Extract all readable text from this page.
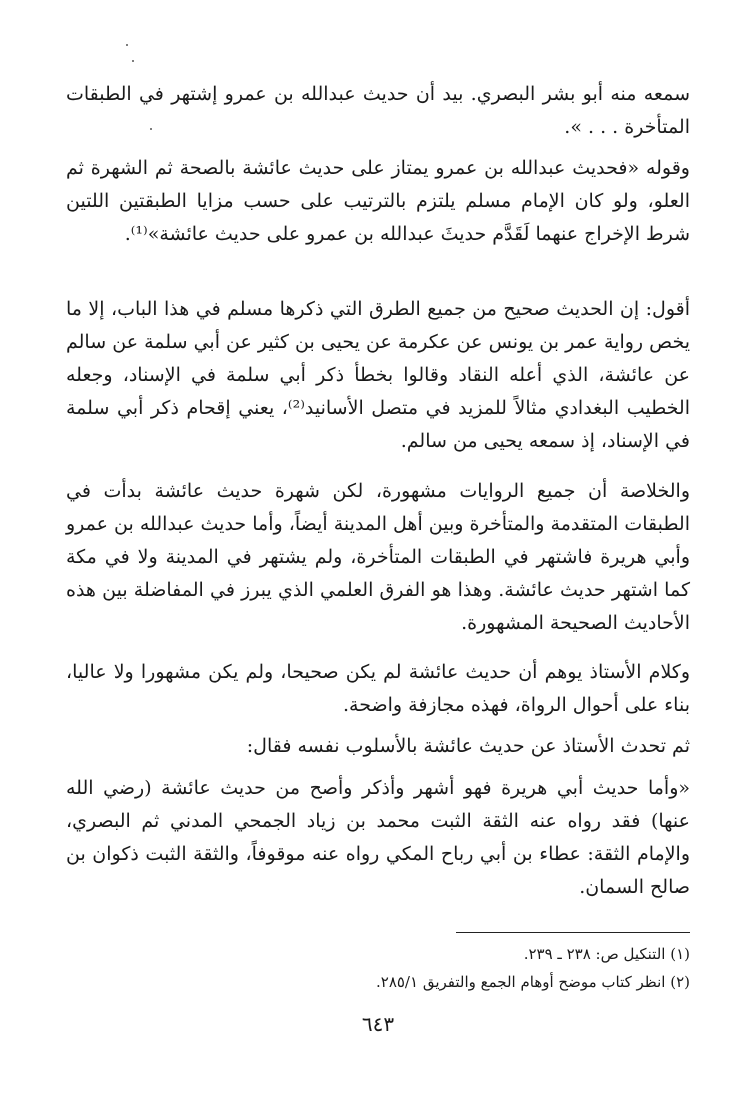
سمعه منه أبو بشر البصري. بيد أن حديث عبدالله بن عمرو إشتهر في الطبقات المتأخرة . . . ».

وقوله «فحديث عبدالله بن عمرو يمتاز على حديث عائشة بالصحة ثم الشهرة ثم العلو، ولو كان الإمام مسلم يلتزم بالترتيب على حسب مزايا الطبقتين اللتين شرط الإخراج عنهما لَقَدَّم حديثَ عبدالله بن عمرو على حديث عائشة»⁽¹⁾.

أقول: إن الحديث صحيح من جميع الطرق التي ذكرها مسلم في هذا الباب، إلا ما يخص رواية عمر بن يونس عن عكرمة عن يحيى بن كثير عن أبي سلمة عن سالم عن عائشة، الذي أعله النقاد وقالوا بخطأ ذكر أبي سلمة في الإسناد، وجعله الخطيب البغدادي مثالاً للمزيد في متصل الأسانيد⁽²⁾، يعني إقحام ذكر أبي سلمة في الإسناد، إذ سمعه يحيى من سالم.

والخلاصة أن جميع الروايات مشهورة، لكن شهرة حديث عائشة بدأت في الطبقات المتقدمة والمتأخرة وبين أهل المدينة أيضاً، وأما حديث عبدالله بن عمرو وأبي هريرة فاشتهر في الطبقات المتأخرة، ولم يشتهر في المدينة ولا في مكة كما اشتهر حديث عائشة. وهذا هو الفرق العلمي الذي يبرز في المفاضلة بين هذه الأحاديث الصحيحة المشهورة.

وكلام الأستاذ يوهم أن حديث عائشة لم يكن صحيحا، ولم يكن مشهورا ولا عاليا، بناء على أحوال الرواة، فهذه مجازفة واضحة.

ثم تحدث الأستاذ عن حديث عائشة بالأسلوب نفسه فقال:

«وأما حديث أبي هريرة فهو أشهر وأذكر وأصح من حديث عائشة (رضي الله عنها) فقد رواه عنه الثقة الثبت محمد بن زياد الجمحي المدني ثم البصري، والإمام الثقة: عطاء بن أبي رباح المكي رواه عنه موقوفاً، والثقة الثبت ذكوان بن صالح السمان.

(١) التنكيل ص: ٢٣٨ ـ ٢٣٩.

(٢) انظر كتاب موضح أوهام الجمع والتفريق ٢٨٥/١.

٦٤٣
